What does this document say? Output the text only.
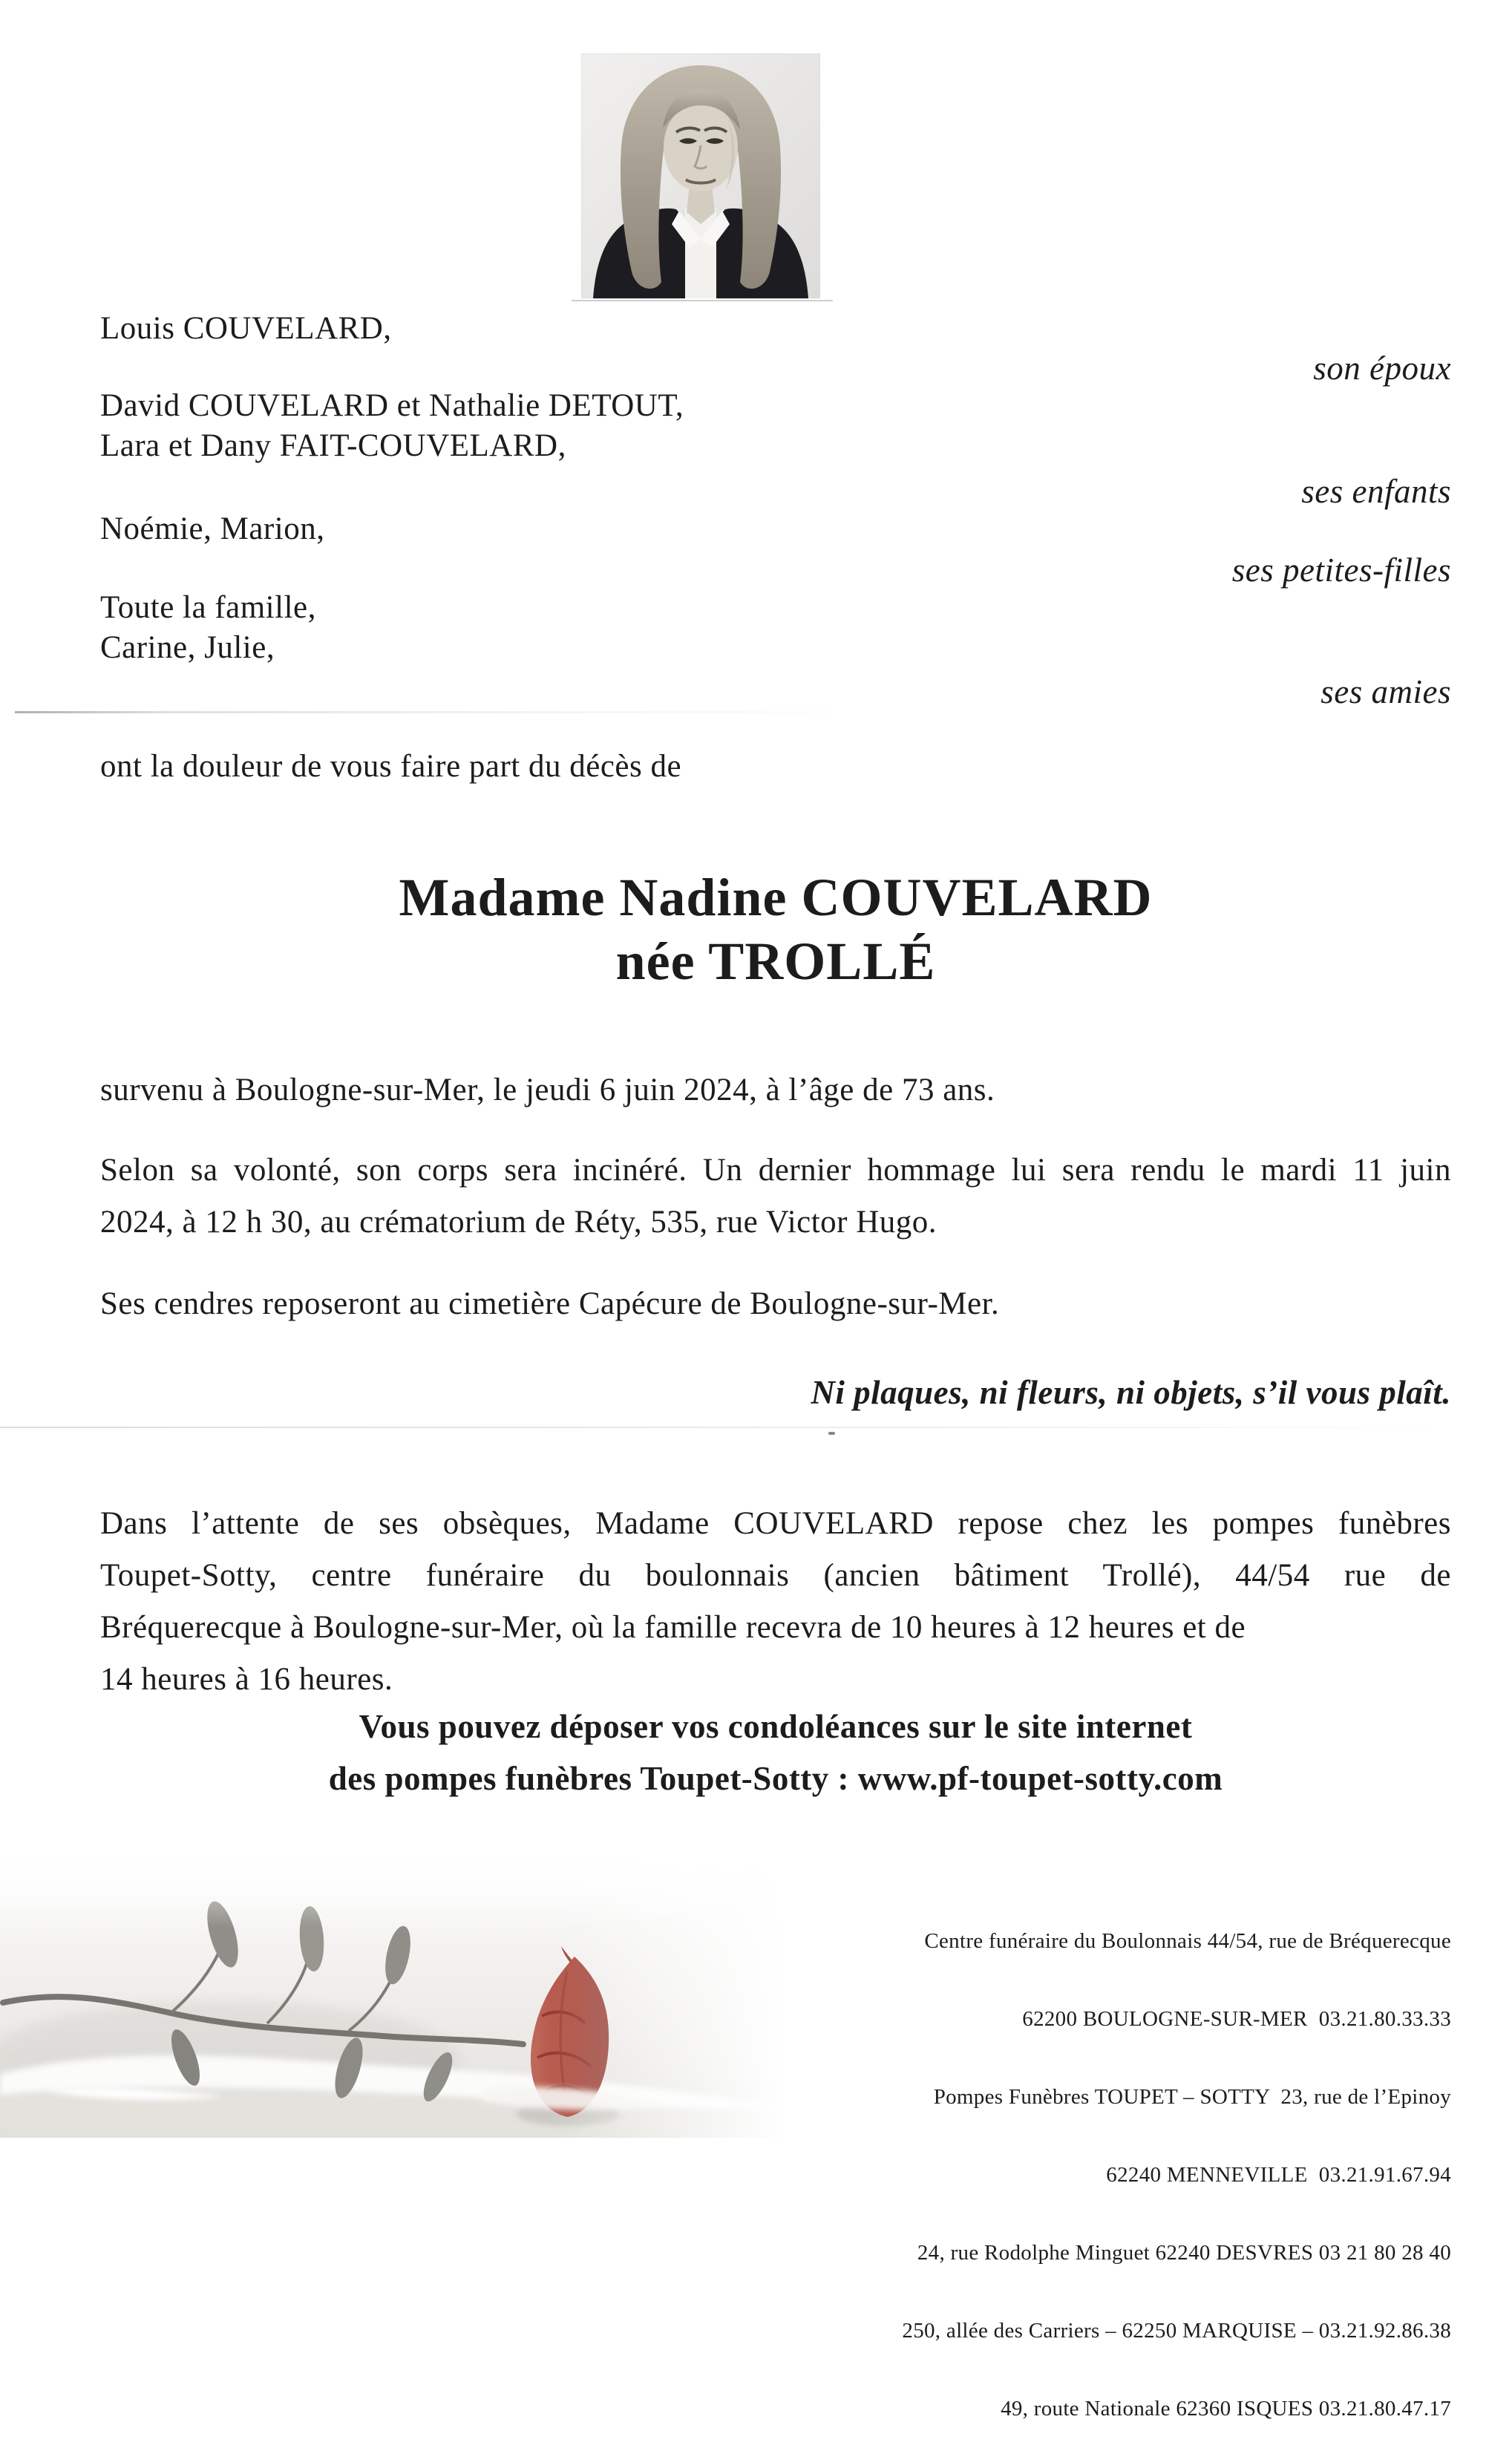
Louis COUVELARD,
son époux
David COUVELARD et Nathalie DETOUT,
Lara et Dany FAIT-COUVELARD,
ses enfants
Noémie, Marion,
ses petites-filles
Toute la famille,
Carine, Julie,
ses amies
ont la douleur de vous faire part du décès de
Madame Nadine COUVELARD
née TROLLÉ
survenu à Boulogne-sur-Mer, le jeudi 6 juin 2024, à l’âge de 73 ans.
Selon sa volonté, son corps sera incinéré. Un dernier hommage lui sera rendu le mardi 11 juin
2024, à 12 h 30, au crématorium de Réty, 535, rue Victor Hugo.
Ses cendres reposeront au cimetière Capécure de Boulogne-sur-Mer.
Ni plaques, ni fleurs, ni objets, s’il vous plaît.
Dans l’attente de ses obsèques, Madame COUVELARD repose chez les pompes funèbres
Toupet-Sotty, centre funéraire du boulonnais (ancien bâtiment Trollé), 44/54 rue de
Bréquerecque à Boulogne-sur-Mer, où la famille recevra de 10 heures à 12 heures et de
14 heures à 16 heures.
Vous pouvez déposer vos condoléances sur le site internet
des pompes funèbres Toupet-Sotty : www.pf-toupet-sotty.com

Centre funéraire du Boulonnais 44/54, rue de Bréquerecque

62200 BOULOGNE-SUR-MER  03.21.80.33.33

Pompes Funèbres TOUPET – SOTTY  23, rue de l’Epinoy

62240 MENNEVILLE  03.21.91.67.94

24, rue Rodolphe Minguet 62240 DESVRES 03 21 80 28 40

250, allée des Carriers – 62250 MARQUISE – 03.21.92.86.38

49, route Nationale 62360 ISQUES 03.21.80.47.17
